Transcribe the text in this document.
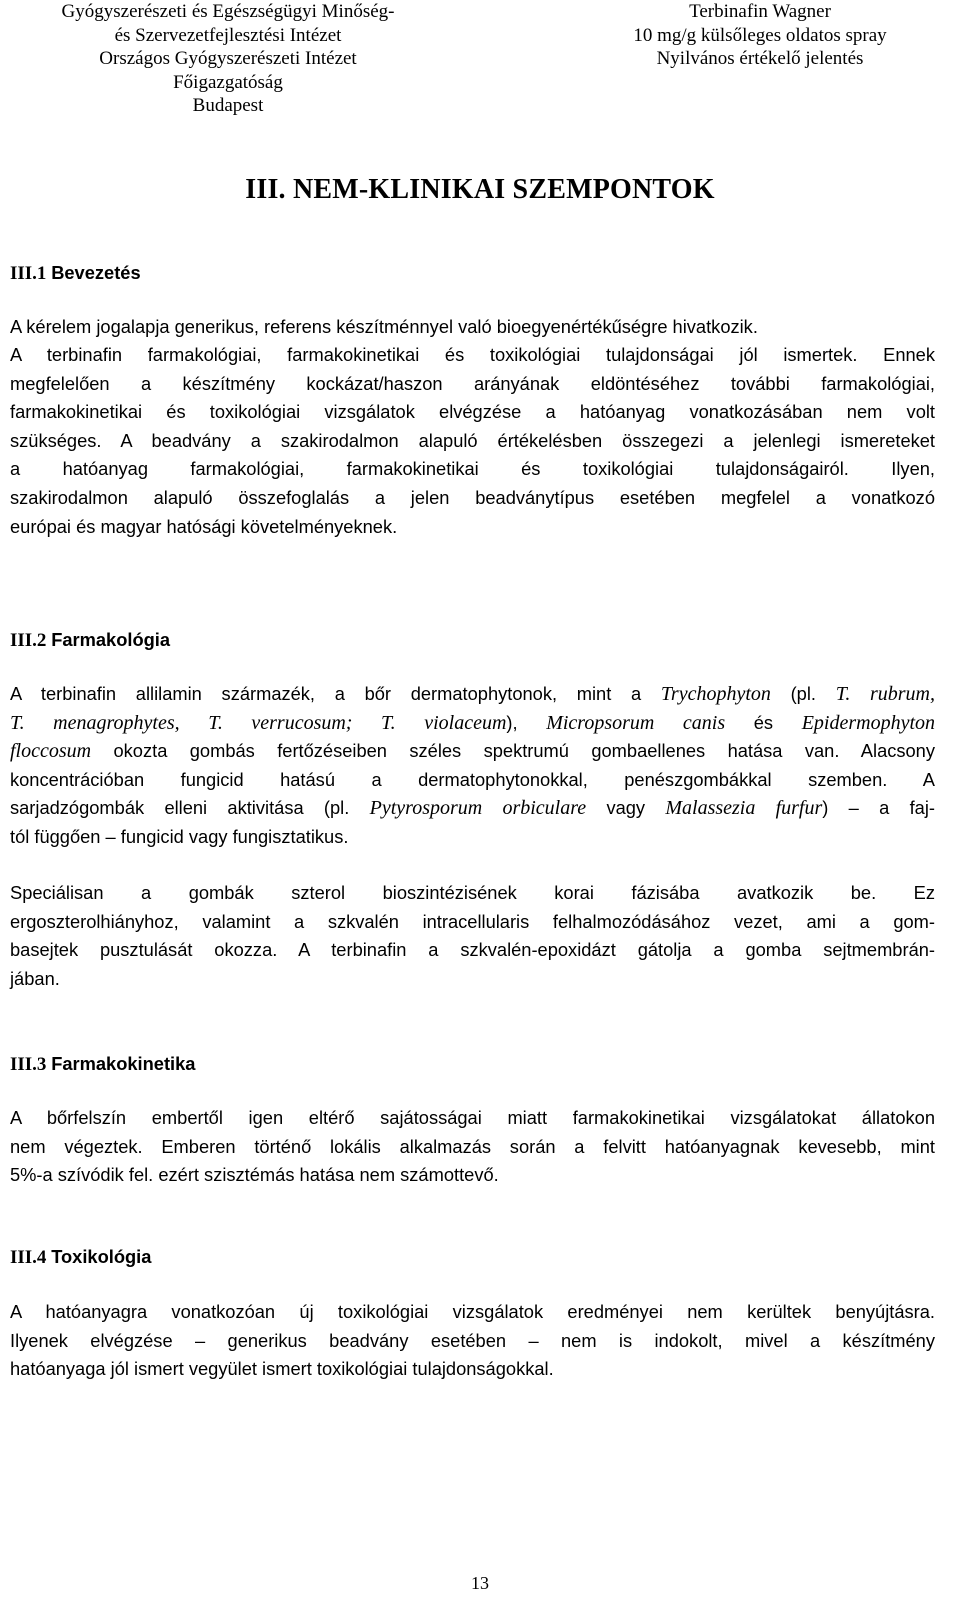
Gyógyszerészeti és Egészségügyi Minőség-
és Szervezetfejlesztési Intézet
Országos Gyógyszerészeti Intézet
Főigazgatóság
Budapest
Terbinafin Wagner
10 mg/g külsőleges oldatos spray
Nyilvános értékelő jelentés
III. NEM-KLINIKAI SZEMPONTOK
III.1 Bevezetés

A kérelem jogalapja generikus, referens készítménnyel való bioegyenértékűségre hivatkozik.

A terbinafin farmakológiai, farmakokinetikai és toxikológiai tulajdonságai jól ismertek. Ennek
megfelelően a készítmény kockázat/haszon arányának eldöntéséhez további farmakológiai,
farmakokinetikai és toxikológiai vizsgálatok elvégzése a hatóanyag vonatkozásában nem volt
szükséges. A beadvány a szakirodalmon alapuló értékelésben összegezi a jelenlegi ismereteket
a hatóanyag farmakológiai, farmakokinetikai és toxikológiai tulajdonságairól. Ilyen,
szakirodalmon alapuló összefoglalás a jelen beadványtípus esetében megfelel a vonatkozó
európai és magyar hatósági követelményeknek.

III.2 Farmakológia

A terbinafin allilamin származék, a bőr dermatophytonok, mint a Trychophyton (pl. T. rubrum,
T. menagrophytes, T. verrucosum; T. violaceum), Micropsorum canis és Epidermophyton
floccosum okozta gombás fertőzéseiben széles spektrumú gombaellenes hatása van. Alacsony
koncentrációban fungicid hatású a dermatophytonokkal, penészgombákkal szemben. A
sarjadzógombák elleni aktivitása (pl. Pytyrosporum orbiculare vagy Malassezia furfur) – a faj-
tól függően – fungicid vagy fungisztatikus.

Speciálisan a gombák szterol bioszintézisének korai fázisába avatkozik be. Ez
ergoszterolhiányhoz, valamint a szkvalén intracellularis felhalmozódásához vezet, ami a gom-
basejtek pusztulását okozza. A terbinafin a szkvalén-epoxidázt gátolja a gomba sejtmembrán-
jában.

III.3 Farmakokinetika

A bőrfelszín embertől igen eltérő sajátosságai miatt farmakokinetikai vizsgálatokat állatokon
nem végeztek. Emberen történő lokális alkalmazás során a felvitt hatóanyagnak kevesebb, mint
5%-a szívódik fel. ezért szisztémás hatása nem számottevő.

III.4 Toxikológia

A hatóanyagra vonatkozóan új toxikológiai vizsgálatok eredményei nem kerültek benyújtásra.
Ilyenek elvégzése – generikus beadvány esetében – nem is indokolt, mivel a készítmény
hatóanyaga jól ismert vegyület ismert toxikológiai tulajdonságokkal.

13
